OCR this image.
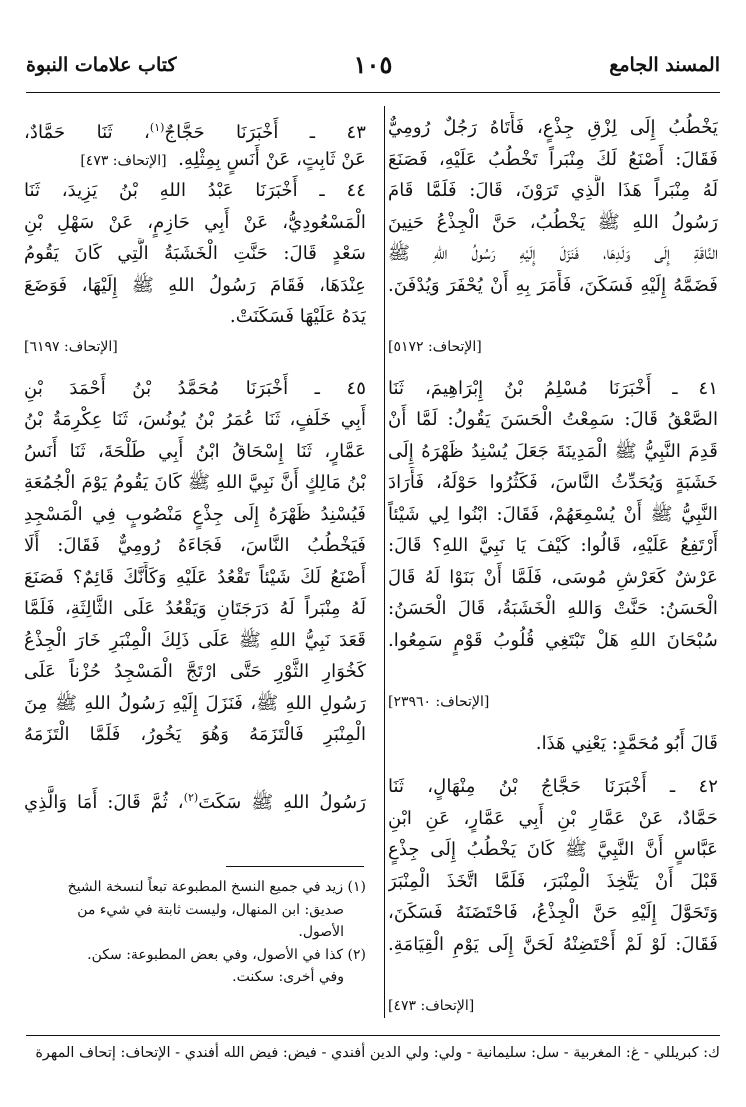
المسند الجامع
١٠٥
كتاب علامات النبوة
يَخْطُبُ إِلَى لِزْقِ جِذْعٍ، فَأَتَاهُ رَجُلٌ رُومِيٌّ
فَقَالَ: أَصْنَعُ لَكَ مِنْبَراً تَخْطُبُ عَلَيْهِ، فَصَنَعَ
لَهُ مِنْبَراً هَذَا الَّذِي تَرَوْنَ، قَالَ: فَلَمَّا قَامَ
رَسُولُ اللهِ ﷺ يَخْطُبُ، حَنَّ الْجِذْعُ حَنِينَ
النَّاقَةِ إِلَى وَلَدِهَا، فَنَزَلَ إِلَيْهِ رَسُولُ اللهِ ﷺ
فَضَمَّهُ إِلَيْهِ فَسَكَنَ، فَأَمَرَ بِهِ أَنْ يُحْفَرَ وَيُدْفَنَ.
[الإتحاف: ٥١٧٢]
٤١ ـ أَخْبَرَنَا مُسْلِمُ بْنُ إِبْرَاهِيمَ، ثَنَا
الصَّعْقُ قَالَ: سَمِعْتُ الْحَسَنَ يَقُولُ: لَمَّا أَنْ
قَدِمَ النَّبِيُّ ﷺ الْمَدِينَةَ جَعَلَ يُسْنِدُ ظَهْرَهُ إِلَى
خَشَبَةٍ وَيُحَدِّثُ النَّاسَ، فَكَثُرُوا حَوْلَهُ، فَأَرَادَ
النَّبِيُّ ﷺ أَنْ يُسْمِعَهُمْ، فَقَالَ: ابْنُوا لِي شَيْئاً
أَرْتَفِعُ عَلَيْهِ، قَالُوا: كَيْفَ يَا نَبِيَّ اللهِ؟ قَالَ:
عَرْشٌ كَعَرْشِ مُوسَى، فَلَمَّا أَنْ بَنَوْا لَهُ قَالَ
الْحَسَنُ: حَنَّتْ وَاللهِ الْخَشَبَةُ، قَالَ الْحَسَنُ:
سُبْحَانَ اللهِ هَلْ تَبْتَغِي قُلُوبُ قَوْمٍ سَمِعُوا.
[الإتحاف: ٢٣٩٦٠]
قَالَ أَبُو مُحَمَّدٍ: يَعْنِي هَذَا.
٤٢ ـ أَخْبَرَنَا حَجَّاجُ بْنُ مِنْهَالٍ، ثَنَا
حَمَّادٌ، عَنْ عَمَّارِ بْنِ أَبِي عَمَّارٍ، عَنِ ابْنِ
عَبَّاسٍ أَنَّ النَّبِيَّ ﷺ كَانَ يَخْطُبُ إِلَى جِذْعٍ
قَبْلَ أَنْ يَتَّخِذَ الْمِنْبَرَ، فَلَمَّا اتَّخَذَ الْمِنْبَرَ
وَتَحَوَّلَ إِلَيْهِ حَنَّ الْجِذْعُ، فَاحْتَضَنَهُ فَسَكَنَ،
فَقَالَ: لَوْ لَمْ أَحْتَضِنْهُ لَحَنَّ إِلَى يَوْمِ الْقِيَامَةِ.
[الإتحاف: ٤٧٣]
٤٣ ـ أَخْبَرَنَا حَجَّاجٌ$^{(١)}$، ثَنَا حَمَّادٌ،
عَنْ ثَابِتٍ، عَنْ أَنَسٍ بِمِثْلِهِ.  [الإتحاف: ٤٧٣]
٤٤ ـ أَخْبَرَنَا عَبْدُ اللهِ بْنُ يَزِيدَ، ثَنَا
الْمَسْعُودِيُّ، عَنْ أَبِي حَازِمٍ، عَنْ سَهْلِ بْنِ
سَعْدٍ قَالَ: حَنَّتِ الْخَشَبَةُ الَّتِي كَانَ يَقُومُ
عِنْدَهَا، فَقَامَ رَسُولُ اللهِ ﷺ إِلَيْهَا، فَوَضَعَ
يَدَهُ عَلَيْهَا فَسَكَنَتْ.
[الإتحاف: ٦١٩٧]
٤٥ ـ أَخْبَرَنَا مُحَمَّدُ بْنُ أَحْمَدَ بْنِ
أَبِي خَلَفٍ، ثَنَا عُمَرُ بْنُ يُونُسَ، ثَنَا عِكْرِمَةُ بْنُ
عَمَّارٍ، ثَنَا إِسْحَاقُ ابْنُ أَبِي طَلْحَةَ، ثَنَا أَنَسُ
بْنُ مَالِكٍ أَنَّ نَبِيَّ اللهِ ﷺ كَانَ يَقُومُ يَوْمَ الْجُمُعَةِ
فَيُسْنِدُ ظَهْرَهُ إِلَى جِذْعٍ مَنْصُوبٍ فِي الْمَسْجِدِ
فَيَخْطُبُ النَّاسَ، فَجَاءَهُ رُومِيٌّ فَقَالَ: أَلَا
أَصْنَعُ لَكَ شَيْئاً تَقْعُدُ عَلَيْهِ وَكَأَنَّكَ قَائِمٌ؟ فَصَنَعَ
لَهُ مِنْبَراً لَهُ دَرَجَتَانِ وَيَقْعُدُ عَلَى الثَّالِثَةِ، فَلَمَّا
قَعَدَ نَبِيُّ اللهِ ﷺ عَلَى ذَلِكَ الْمِنْبَرِ خَارَ الْجِذْعُ
كَخُوَارِ الثَّوْرِ حَتَّى ارْتَجَّ الْمَسْجِدُ حُزْناً عَلَى
رَسُولِ اللهِ ﷺ، فَنَزَلَ إِلَيْهِ رَسُولُ اللهِ ﷺ مِنَ
الْمِنْبَرِ فَالْتَزَمَهُ وَهُوَ يَخُورُ، فَلَمَّا الْتَزَمَهُ
رَسُولُ اللهِ ﷺ سَكَتَ$^{(٢)}$، ثُمَّ قَالَ: أَمَا وَالَّذِي
(١) زيد في جميع النسخ المطبوعة تبعاً لنسخة الشيخ
صديق: ابن المنهال، وليست ثابتة في شيء من
الأصول.
(٢) كذا في الأصول، وفي بعض المطبوعة: سكن.
وفي أخرى: سكنت.
ك: كبريللي - غ: المغربية - سل: سليمانية - ولي: ولي الدين أفندي - فيض: فيض الله أفندي - الإتحاف: إتحاف المهرة
